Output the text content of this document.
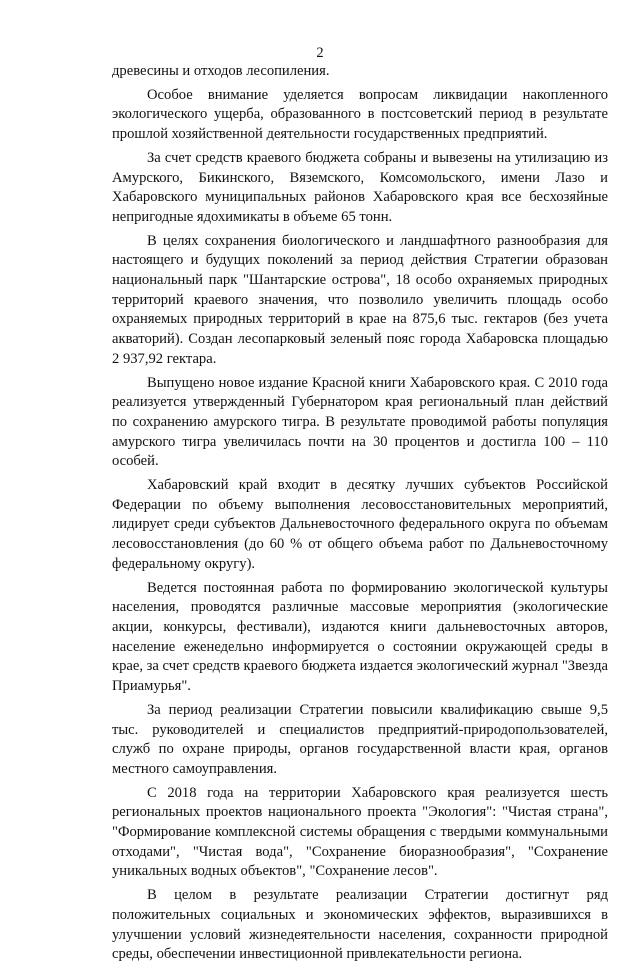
2

древесины и отходов лесопиления.

Особое внимание уделяется вопросам ликвидации накопленного экологического ущерба, образованного в постсоветский период в результате прошлой хозяйственной деятельности государственных предприятий.

За счет средств краевого бюджета собраны и вывезены на утилизацию из Амурского, Бикинского, Вяземского, Комсомольского, имени Лазо и Хабаровского муниципальных районов Хабаровского края все бесхозяйные непригодные ядохимикаты в объеме 65 тонн.

В целях сохранения биологического и ландшафтного разнообразия для настоящего и будущих поколений за период действия Стратегии образован национальный парк "Шантарские острова", 18 особо охраняемых природных территорий краевого значения, что позволило увеличить площадь особо охраняемых природных территорий в крае на 875,6 тыс. гектаров (без учета акваторий). Создан лесопарковый зеленый пояс города Хабаровска площадью 2 937,92 гектара.

Выпущено новое издание Красной книги Хабаровского края. С 2010 года реализуется утвержденный Губернатором края региональный план действий по сохранению амурского тигра. В результате проводимой работы популяция амурского тигра увеличилась почти на 30 процентов и достигла 100 – 110 особей.

Хабаровский край входит в десятку лучших субъектов Российской Федерации по объему выполнения лесовосстановительных мероприятий, лидирует среди субъектов Дальневосточного федерального округа по объемам лесовосстановления (до 60 % от общего объема работ по Дальневосточному федеральному округу).

Ведется постоянная работа по формированию экологической культуры населения, проводятся различные массовые мероприятия (экологические акции, конкурсы, фестивали), издаются книги дальневосточных авторов, население еженедельно информируется о состоянии окружающей среды в крае, за счет средств краевого бюджета издается экологический журнал "Звезда Приамурья".

За период реализации Стратегии повысили квалификацию свыше 9,5 тыс. руководителей и специалистов предприятий-природопользователей, служб по охране природы, органов государственной власти края, органов местного самоуправления.

С 2018 года на территории Хабаровского края реализуется шесть региональных проектов национального проекта "Экология": "Чистая страна", "Формирование комплексной системы обращения с твердыми коммунальными отходами", "Чистая вода", "Сохранение биоразнообразия", "Сохранение уникальных водных объектов", "Сохранение лесов".

В целом в результате реализации Стратегии достигнут ряд положительных социальных и экономических эффектов, выразившихся в улучшении условий жизнедеятельности населения, сохранности природной среды, обеспечении инвестиционной привлекательности региона.
